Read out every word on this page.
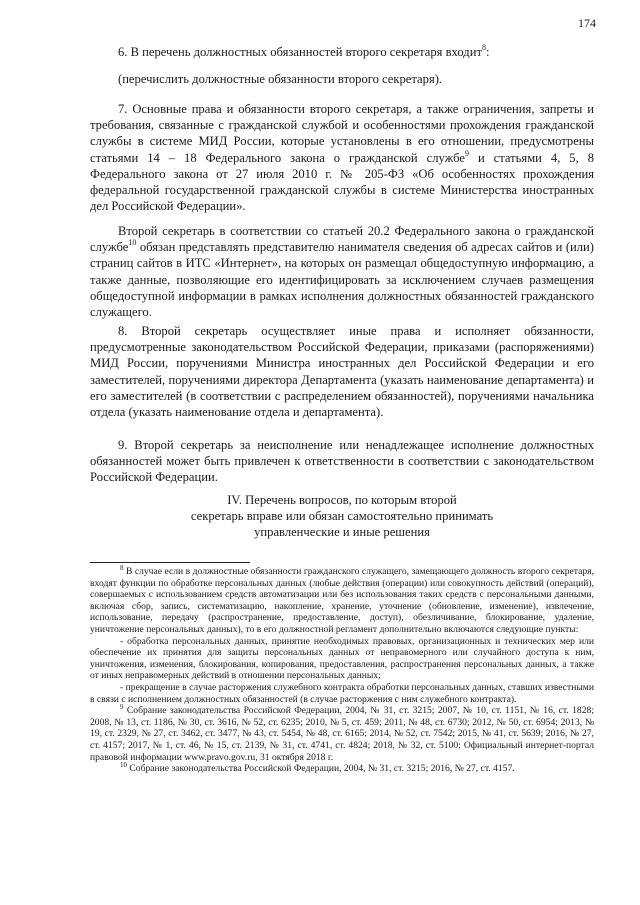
174

6. В перечень должностных обязанностей второго секретаря входит$^8$:

(перечислить должностные обязанности второго секретаря).

7. Основные права и обязанности второго секретаря, а также ограничения, запреты и требования, связанные с гражданской службой и особенностями прохождения гражданской службы в системе МИД России, которые установлены в его отношении, предусмотрены статьями 14 – 18 Федерального закона о гражданской службе$^9$ и статьями 4, 5, 8 Федерального закона от 27 июля 2010 г. № 205-ФЗ «Об особенностях прохождения федеральной государственной гражданской службы в системе Министерства иностранных дел Российской Федерации».

Второй секретарь в соответствии со статьей 20.2 Федерального закона о гражданской службе$^{10}$ обязан представлять представителю нанимателя сведения об адресах сайтов и (или) страниц сайтов в ИТС «Интернет», на которых он размещал общедоступную информацию, а также данные, позволяющие его идентифицировать за исключением случаев размещения общедоступной информации в рамках исполнения должностных обязанностей гражданского служащего.

8. Второй секретарь осуществляет иные права и исполняет обязанности, предусмотренные законодательством Российской Федерации, приказами (распоряжениями) МИД России, поручениями Министра иностранных дел Российской Федерации и его заместителей, поручениями директора Департамента (указать наименование департамента) и его заместителей (в соответствии с распределением обязанностей), поручениями начальника отдела (указать наименование отдела и департамента).

9. Второй секретарь за неисполнение или ненадлежащее исполнение должностных обязанностей может быть привлечен к ответственности в соответствии с законодательством Российской Федерации.

IV. Перечень вопросов, по которым второй
секретарь вправе или обязан самостоятельно принимать
управленческие и иные решения

$^8$ В случае если в должностные обязанности гражданского служащего, замещающего должность второго секретаря, входят функции по обработке персональных данных (любые действия (операции) или совокупность действий (операций), совершаемых с использованием средств автоматизации или без использования таких средств с персональными данными, включая сбор, запись, систематизацию, накопление, хранение, уточнение (обновление, изменение), извлечение, использование, передачу (распространение, предоставление, доступ), обезличивание, блокирование, удаление, уничтожение персональных данных), то в его должностной регламент дополнительно включаются следующие пункты:

- обработка персональных данных, принятие необходимых правовых, организационных и технических мер или обеспечение их принятия для защиты персональных данных от неправомерного или случайного доступа к ним, уничтожения, изменения, блокирования, копирования, предоставления, распространения персональных данных, а также от иных неправомерных действий в отношении персональных данных;

- прекращение в случае расторжения служебного контракта обработки персональных данных, ставших известными в связи с исполнением должностных обязанностей (в случае расторжения с ним служебного контракта).

$^9$ Собрание законодательства Российской Федерации, 2004, № 31, ст. 3215; 2007, № 10, ст. 1151, № 16, ст. 1828; 2008, № 13, ст. 1186, № 30, ст. 3616, № 52, ст. 6235; 2010, № 5, ст. 459; 2011, № 48, ст. 6730; 2012, № 50, ст. 6954; 2013, № 19, ст. 2329, № 27, ст. 3462, ст. 3477, № 43, ст. 5454, № 48, ст. 6165; 2014, № 52, ст. 7542; 2015, № 41, ст. 5639; 2016, № 27, ст. 4157; 2017, № 1, ст. 46, № 15, ст. 2139, № 31, ст. 4741, ст. 4824; 2018, № 32, ст. 5100; Официальный интернет-портал правовой информации www.pravo.gov.ru, 31 октября 2018 г.

$^{10}$ Собрание законодательства Российской Федерации, 2004, № 31, ст. 3215; 2016, № 27, ст. 4157.
